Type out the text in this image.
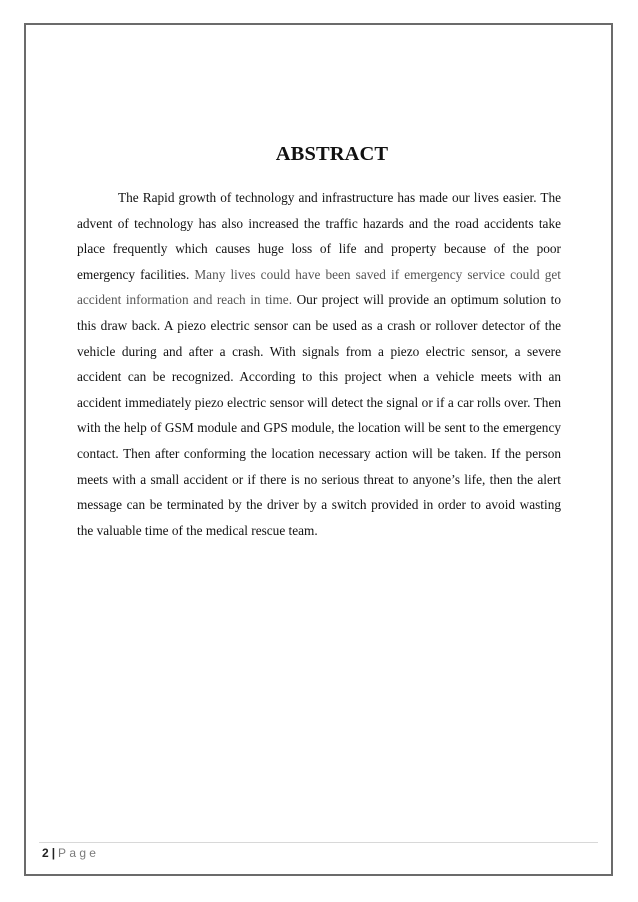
ABSTRACT

The Rapid growth of technology and infrastructure has made our lives easier. The advent of technology has also increased the traffic hazards and the road accidents take place frequently which causes huge loss of life and property because of the poor emergency facilities. Many lives could have been saved if emergency service could get accident information and reach in time. Our project will provide an optimum solution to this draw back. A piezo electric sensor can be used as a crash or rollover detector of the vehicle during and after a crash. With signals from a piezo electric sensor, a severe accident can be recognized. According to this project when a vehicle meets with an accident immediately piezo electric sensor will detect the signal or if a car rolls over. Then with the help of GSM module and GPS module, the location will be sent to the emergency contact. Then after conforming the location necessary action will be taken. If the person meets with a small accident or if there is no serious threat to anyone’s life, then the alert message can be terminated by the driver by a switch provided in order to avoid wasting the valuable time of the medical rescue team.

2 | Page
